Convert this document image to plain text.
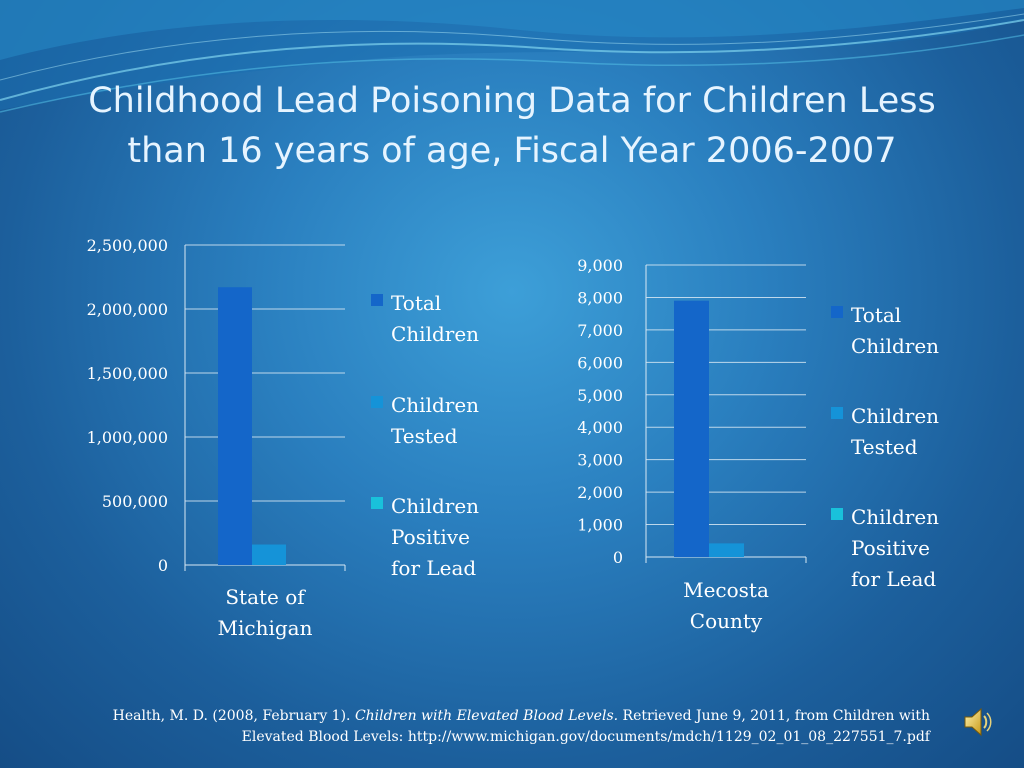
Childhood Lead Poisoning Data for Children Less
than 16 years of age, Fiscal Year 2006-2007
0
500,000
1,000,000
1,500,000
2,000,000
2,500,000
State of
Michigan
Total
Children
Children
Tested
Children
Positive
for Lead	0
1,000
2,000
3,000
4,000
5,000
6,000
7,000
8,000
9,000
Mecosta
County
Total
Children
Children
Tested
Children
Positive
for Lead
Health, M. D. (2008, February 1). Children with Elevated Blood Levels. Retrieved June 9, 2011, from Children with
Elevated Blood Levels: http://www.michigan.gov/documents/mdch/1129_02_01_08_227551_7.pdf
